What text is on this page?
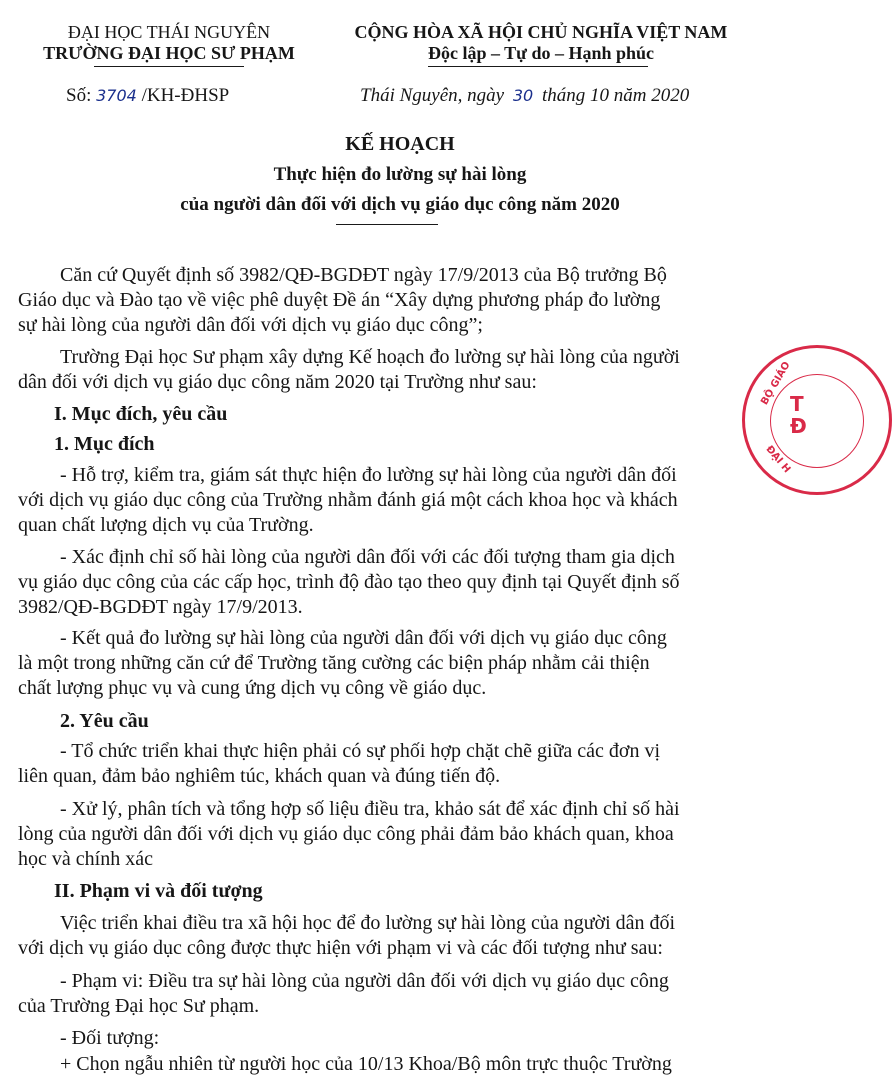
ĐẠI HỌC THÁI NGUYÊN
TRƯỜNG ĐẠI HỌC SƯ PHẠM
CỘNG HÒA XÃ HỘI CHỦ NGHĨA VIỆT NAM
Độc lập – Tự do – Hạnh phúc
Số: 3704 /KH-ĐHSP	Thái Nguyên, ngày 30 tháng 10 năm 2020
KẾ HOẠCH
Thực hiện đo lường sự hài lòng
của người dân đối với dịch vụ giáo dục công năm 2020
Căn cứ Quyết định số 3982/QĐ-BGDĐT ngày 17/9/2013 của Bộ trưởng Bộ
Giáo dục và Đào tạo về việc phê duyệt Đề án “Xây dựng phương pháp đo lường
sự hài lòng của người dân đối với dịch vụ giáo dục công”;
Trường Đại học Sư phạm xây dựng Kế hoạch đo lường sự hài lòng của người
dân đối với dịch vụ giáo dục công năm 2020 tại Trường như sau:
I. Mục đích, yêu cầu
1. Mục đích
- Hỗ trợ, kiểm tra, giám sát thực hiện đo lường sự hài lòng của người dân đối
với dịch vụ giáo dục công của Trường nhằm đánh giá một cách khoa học và khách
quan chất lượng dịch vụ của Trường.
- Xác định chỉ số hài lòng của người dân đối với các đối tượng tham gia dịch
vụ giáo dục công của các cấp học, trình độ đào tạo theo quy định tại Quyết định số
3982/QĐ-BGDĐT ngày 17/9/2013.
- Kết quả đo lường sự hài lòng của người dân đối với dịch vụ giáo dục công
là một trong những căn cứ để Trường tăng cường các biện pháp nhằm cải thiện
chất lượng phục vụ và cung ứng dịch vụ công về giáo dục.
2. Yêu cầu
- Tổ chức triển khai thực hiện phải có sự phối hợp chặt chẽ giữa các đơn vị
liên quan, đảm bảo nghiêm túc, khách quan và đúng tiến độ.
- Xử lý, phân tích và tổng hợp số liệu điều tra, khảo sát để xác định chỉ số hài
lòng của người dân đối với dịch vụ giáo dục công phải đảm bảo khách quan, khoa
học và chính xác
II. Phạm vi và đối tượng
Việc triển khai điều tra xã hội học để đo lường sự hài lòng của người dân đối
với dịch vụ giáo dục công được thực hiện với phạm vi và các đối tượng như sau:
- Phạm vi: Điều tra sự hài lòng của người dân đối với dịch vụ giáo dục công
của Trường Đại học Sư phạm.
- Đối tượng:
+ Chọn ngẫu nhiên từ người học của 10/13 Khoa/Bộ môn trực thuộc Trường
BỘ GIÁO
T
Đ
ĐẠI H
